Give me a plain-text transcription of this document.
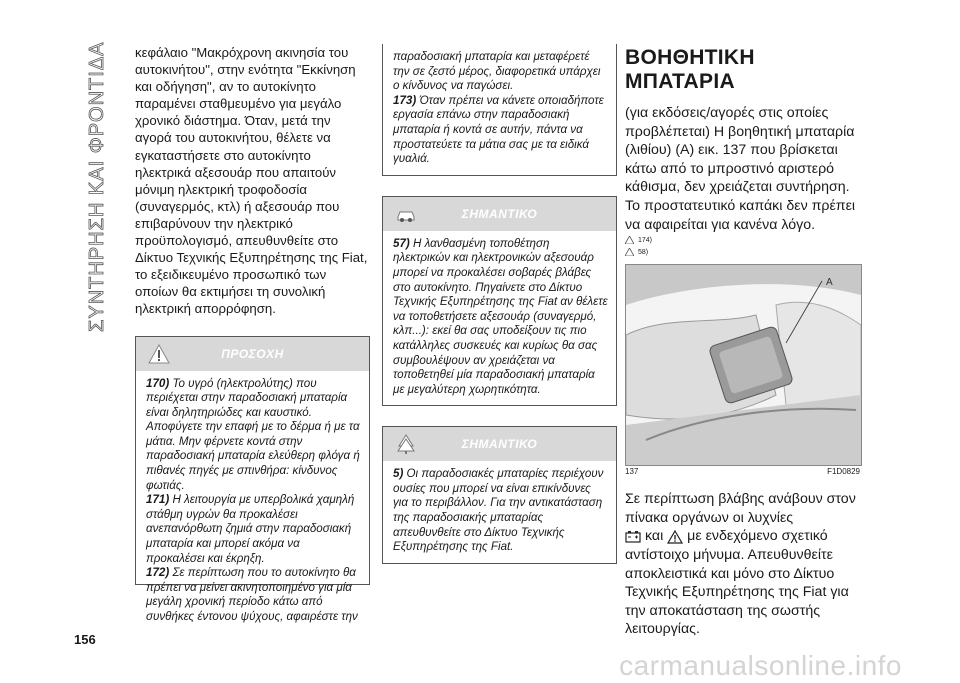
ΣΥΝΤΗΡΗΣΗ ΚΑΙ ΦΡΟΝΤΙΔΑ
156

κεφάλαιο "Μακρόχρονη ακινησία του αυτοκινήτου", στην ενότητα "Εκκίνηση και οδήγηση", αν το αυτοκίνητο παραμένει σταθμευμένο για μεγάλο χρονικό διάστημα. Όταν, μετά την αγορά του αυτοκινήτου, θέλετε να εγκαταστήσετε στο αυτοκίνητο ηλεκτρικά αξεσουάρ που απαιτούν μόνιμη ηλεκτρική τροφοδοσία (συναγερμός, κτλ) ή αξεσουάρ που επιβαρύνουν την ηλεκτρικό προϋπολογισμό, απευθυνθείτε στο Δίκτυο Τεχνικής Εξυπηρέτησης της Fiat, το εξειδικευμένο προσωπικό των οποίων θα εκτιμήσει τη συνολική ηλεκτρική απορρόφηση.

ΠΡΟΣΟΧΗ

170) Το υγρό (ηλεκτρολύτης) που περιέχεται στην παραδοσιακή μπαταρία είναι δηλητηριώδες και καυστικό. Αποφύγετε την επαφή με το δέρμα ή με τα μάτια. Μην φέρνετε κοντά στην παραδοσιακή μπαταρία ελεύθερη φλόγα ή πιθανές πηγές με σπινθήρα: κίνδυνος φωτιάς.

171) Η λειτουργία με υπερβολικά χαμηλή στάθμη υγρών θα προκαλέσει ανεπανόρθωτη ζημιά στην παραδοσιακή μπαταρία και μπορεί ακόμα να προκαλέσει και έκρηξη.

172) Σε περίπτωση που το αυτοκίνητο θα πρέπει να μείνει ακινητοποιημένο για μία μεγάλη χρονική περίοδο κάτω από συνθήκες έντονου ψύχους, αφαιρέστε την

παραδοσιακή μπαταρία και μεταφέρετέ την σε ζεστό μέρος, διαφορετικά υπάρχει ο κίνδυνος να παγώσει.

173) Όταν πρέπει να κάνετε οποιαδήποτε εργασία επάνω στην παραδοσιακή μπαταρία ή κοντά σε αυτήν, πάντα να προστατεύετε τα μάτια σας με τα ειδικά γυαλιά.

ΣΗΜΑΝΤΙΚΟ

57) Η λανθασμένη τοποθέτηση ηλεκτρικών και ηλεκτρονικών αξεσουάρ μπορεί να προκαλέσει σοβαρές βλάβες στο αυτοκίνητο. Πηγαίνετε στο Δίκτυο Τεχνικής Εξυπηρέτησης της Fiat αν θέλετε να τοποθετήσετε αξεσουάρ (συναγερμό, κλπ...): εκεί θα σας υποδείξουν τις πιο κατάλληλες συσκευές και κυρίως θα σας συμβουλέψουν αν χρειάζεται να τοποθετηθεί μία παραδοσιακή μπαταρία με μεγαλύτερη χωρητικότητα.

ΣΗΜΑΝΤΙΚΟ

5) Οι παραδοσιακές μπαταρίες περιέχουν ουσίες που μπορεί να είναι επικίνδυνες για το περιβάλλον. Για την αντικατάσταση της παραδοσιακής μπαταρίας απευθυνθείτε στο Δίκτυο Τεχνικής Εξυπηρέτησης της Fiat.

ΒΟΗΘΗΤΙΚΗ ΜΠΑΤΑΡΙΑ

(για εκδόσεις/αγορές στις οποίες προβλέπεται) Η βοηθητική μπαταρία (λιθίου) (A) εικ. 137 που βρίσκεται κάτω από το μπροστινό αριστερό κάθισμα, δεν χρειάζεται συντήρηση. Το προστατευτικό καπάκι δεν πρέπει να αφαιρείται για κανένα λόγο.

174)
58)
A
137	F1D0829

Σε περίπτωση βλάβης ανάβουν στον πίνακα οργάνων οι λυχνίες
και με ενδεχόμενο σχετικό αντίστοιχο μήνυμα. Απευθυνθείτε αποκλειστικά και μόνο στο Δίκτυο Τεχνικής Εξυπηρέτησης της Fiat για την αποκατάσταση της σωστής λειτουργίας.

carmanualsonline.info
